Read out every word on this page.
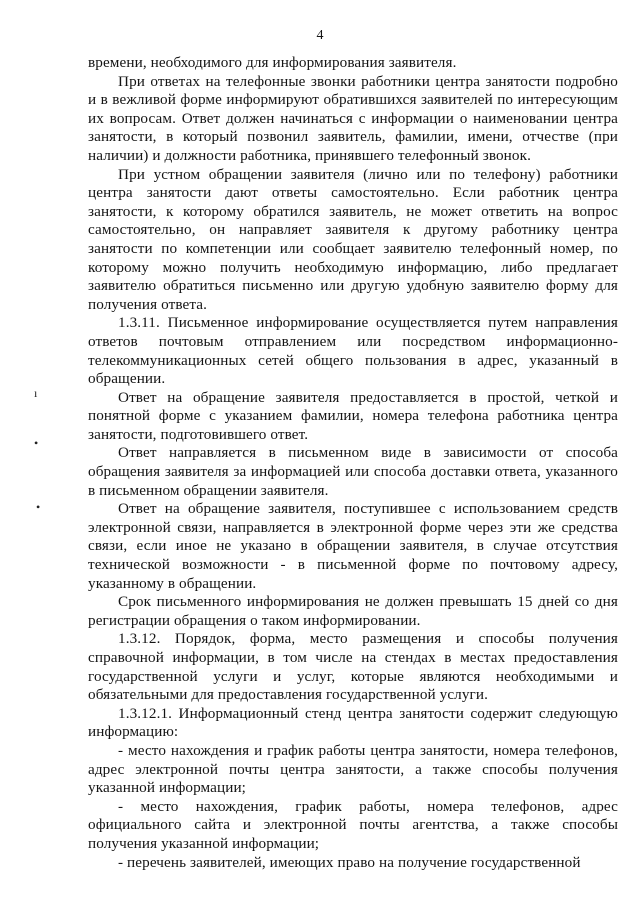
4
ı
•
•

времени, необходимого для информирования заявителя.

При ответах на телефонные звонки работники центра занятости подробно и в вежливой форме информируют обратившихся заявителей по интересующим их вопросам. Ответ должен начинаться с информации о наименовании центра занятости, в который позвонил заявитель, фамилии, имени, отчестве (при наличии) и должности работника, принявшего телефонный звонок.

При устном обращении заявителя (лично или по телефону) работники центра занятости дают ответы самостоятельно. Если работник центра занятости, к которому обратился заявитель, не может ответить на вопрос самостоятельно, он направляет заявителя к другому работнику центра занятости по компетенции или сообщает заявителю телефонный номер, по которому можно получить необходимую информацию, либо предлагает заявителю обратиться письменно или другую удобную заявителю форму для получения ответа.

1.3.11. Письменное информирование осуществляется путем направления ответов почтовым отправлением или посредством информационно-телекоммуникационных сетей общего пользования в адрес, указанный в обращении.

Ответ на обращение заявителя предоставляется в простой, четкой и понятной форме с указанием фамилии, номера телефона работника центра занятости, подготовившего ответ.

Ответ направляется в письменном виде в зависимости от способа обращения заявителя за информацией или способа доставки ответа, указанного в письменном обращении заявителя.

Ответ на обращение заявителя, поступившее с использованием средств электронной связи, направляется в электронной форме через эти же средства связи, если иное не указано в обращении заявителя, в случае отсутствия технической возможности - в письменной форме по почтовому адресу, указанному в обращении.

Срок письменного информирования не должен превышать 15 дней со дня регистрации обращения о таком информировании.

1.3.12. Порядок, форма, место размещения и способы получения справочной информации, в том числе на стендах в местах предоставления государственной услуги и услуг, которые являются необходимыми и обязательными для предоставления государственной услуги.

1.3.12.1. Информационный стенд центра занятости содержит следующую информацию:

- место нахождения и график работы центра занятости, номера телефонов, адрес электронной почты центра занятости, а также способы получения указанной информации;

- место нахождения, график работы, номера телефонов, адрес официального сайта и электронной почты агентства, а также способы получения указанной информации;

- перечень заявителей, имеющих право на получение государственной
